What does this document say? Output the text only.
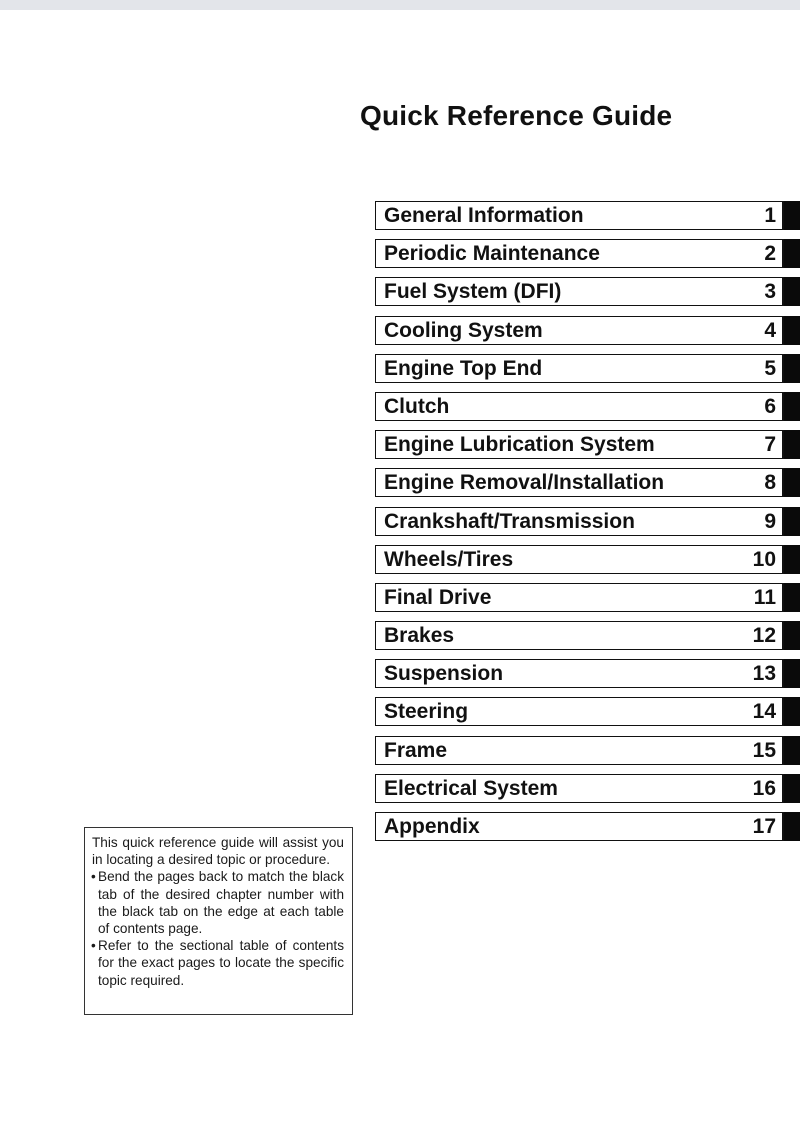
Quick Reference Guide
General Information	1
Periodic Maintenance	2
Fuel System (DFI)	3
Cooling System	4
Engine Top End	5
Clutch	6
Engine Lubrication System	7
Engine Removal/Installation	8
Crankshaft/Transmission	9
Wheels/Tires	10
Final Drive	11
Brakes	12
Suspension	13
Steering	14
Frame	15
Electrical System	16
Appendix	17
This quick reference guide will assist you in locating a desired topic or procedure.
• Bend the pages back to match the black tab of the desired chapter number with the black tab on the edge at each table of contents page.
• Refer to the sectional table of contents for the exact pages to locate the specific topic required.
